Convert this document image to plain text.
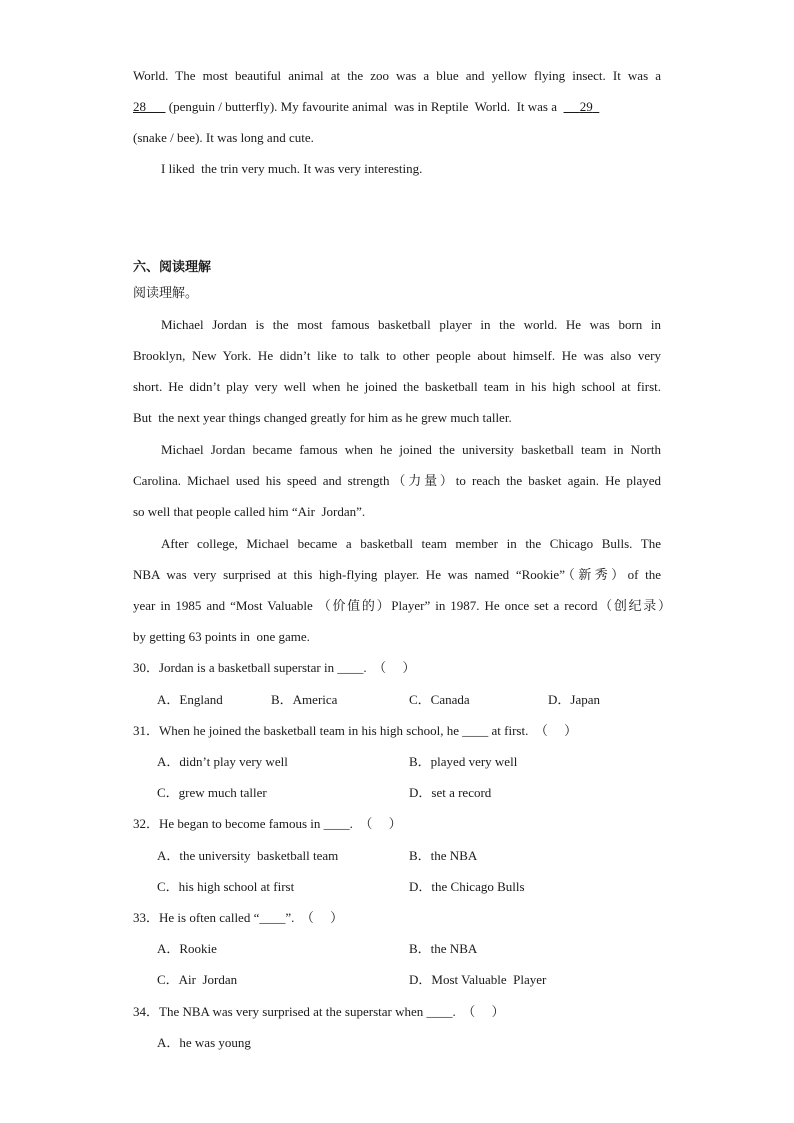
World. The most beautiful animal at the zoo was a blue and yellow flying insect. It was a
28       (penguin / butterfly). My favourite animal  was in Reptile  World.  It was a 29
(snake / bee). It was long and cute.
I liked  the trin very much. It was very interesting.
六、阅读理解
阅读理解。
Michael Jordan is the most famous basketball player in the world. He was born in
Brooklyn, New York. He didn’t like to talk to other people about himself. He was also very
short. He didn’t play very well when he joined the basketball team in his high school at first.
But  the next year things changed greatly for him as he grew much taller.
Michael Jordan became famous when he joined the university basketball team in North
Carolina. Michael used his speed and strength（力量）to reach the basket again. He played
so well that people called him “Air  Jordan”.
After college, Michael became a basketball team member in the Chicago Bulls. The
NBA was very surprised at this high-flying player. He was named “Rookie”（新秀）of the
year in 1985 and “Most Valuable （价值的）Player” in 1987. He once set a record（创纪录）
by getting 63 points in  one game.
30．Jordan is a basketball superstar in ____.  （     ）
A．England	B．America	C．Canada	D．Japan
31．When he joined the basketball team in his high school, he ____ at first.  （     ）
A．didn’t play very well	B．played very well
C．grew much taller	D．set a record
32．He began to become famous in ____.  （     ）
A．the university  basketball team	B．the NBA
C．his high school at first	D．the Chicago Bulls
33．He is often called “____”.  （     ）
A．Rookie	B．the NBA
C．Air  Jordan	D．Most Valuable  Player
34．The NBA was very surprised at the superstar when ____.  （     ）
A．he was young
